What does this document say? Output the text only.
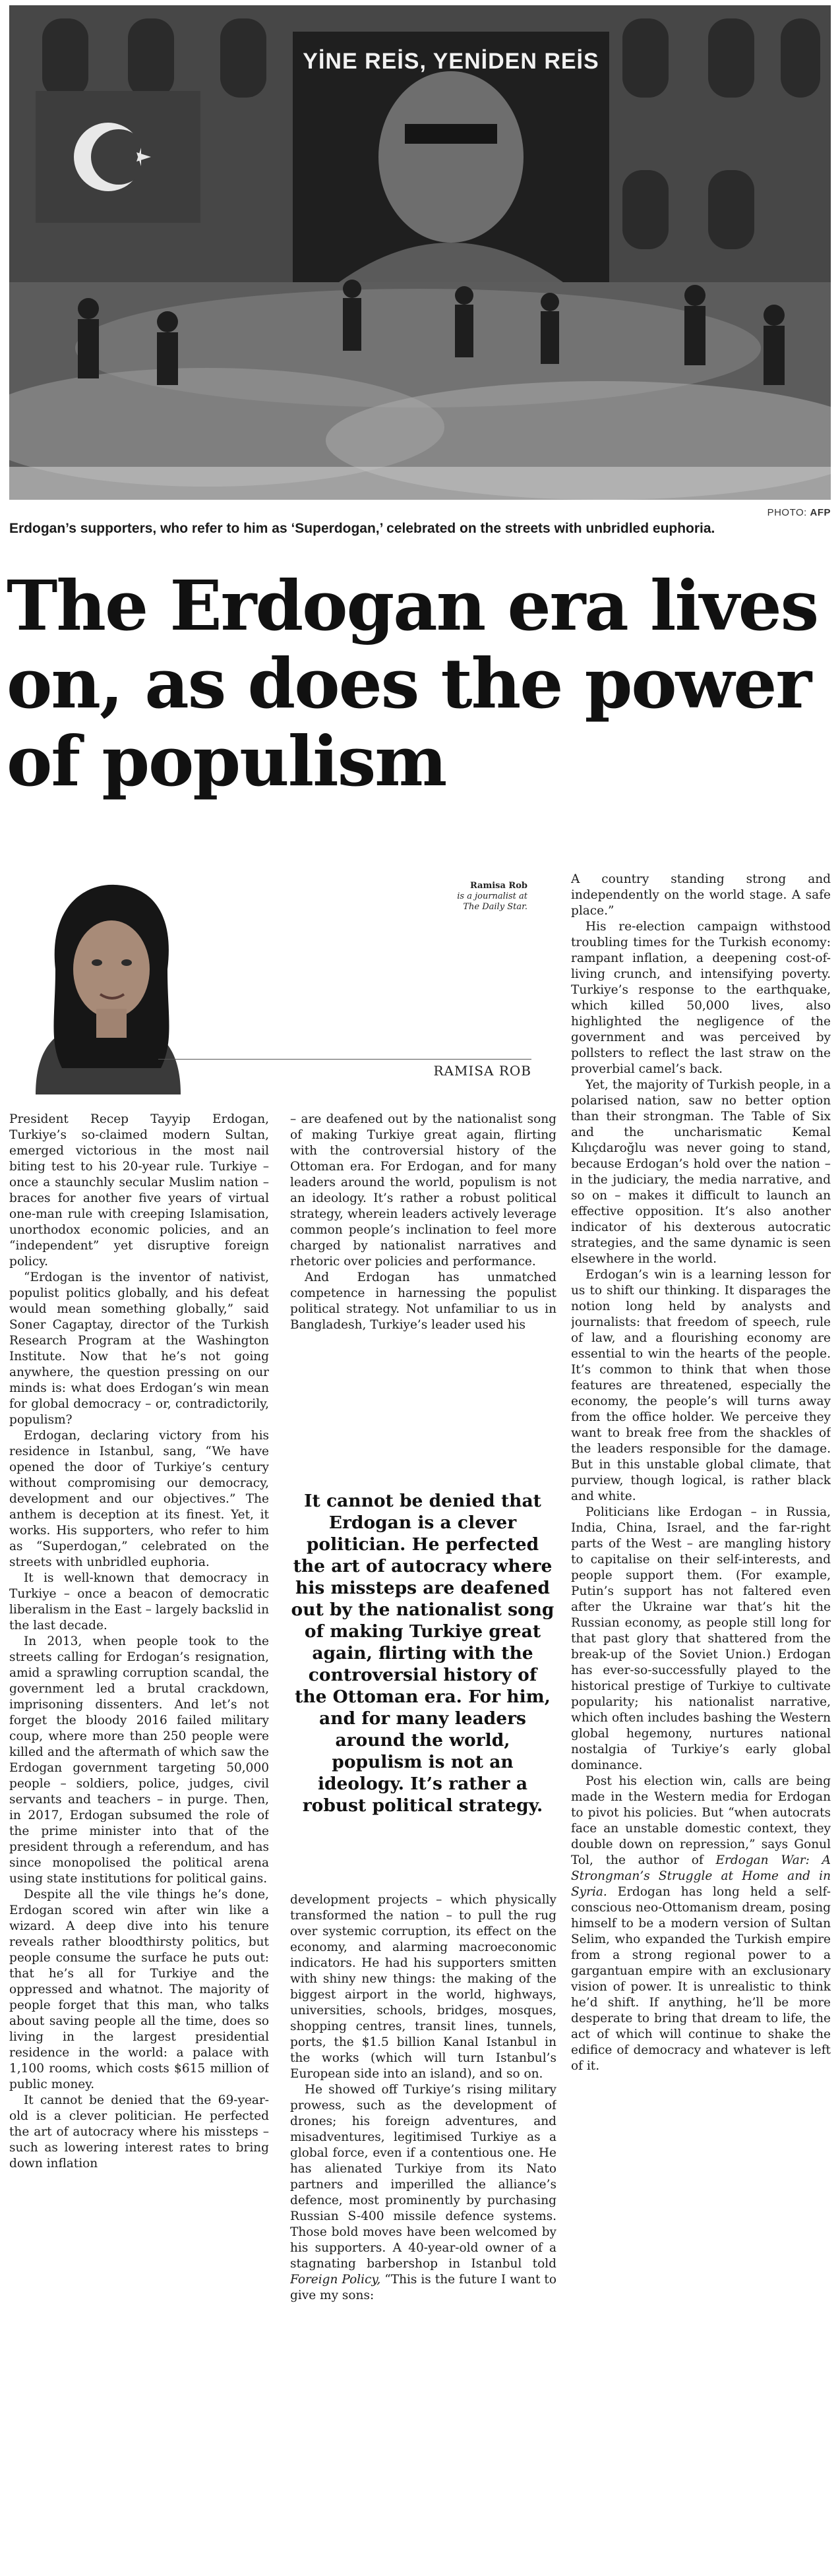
YİNE REİS, YENİDEN REİS
PHOTO: AFP
Erdogan’s supporters, who refer to him as ‘Superdogan,’ celebrated on the streets with unbridled euphoria.
The Erdogan era lives on, as does the power of populism
Ramisa Rob
is a journalist at
The Daily Star.
RAMISA ROB

President Recep Tayyip Erdogan, Turkiye’s so-claimed modern Sultan, emerged victorious in the most nail biting test to his 20-year rule. Turkiye – once a staunchly secular Muslim nation – braces for another five years of virtual one-man rule with creeping Islamisation, unorthodox economic policies, and an “independent” yet disruptive foreign policy.

“Erdogan is the inventor of nativist, populist politics globally, and his defeat would mean something globally,” said Soner Cagaptay, director of the Turkish Research Program at the Washington Institute. Now that he’s not going anywhere, the question pressing on our minds is: what does Erdogan’s win mean for global democracy – or, contradictorily, populism?

Erdogan, declaring victory from his residence in Istanbul, sang, “We have opened the door of Turkiye’s century without compromising our democracy, development and our objectives.” The anthem is deception at its finest. Yet, it works. His supporters, who refer to him as “Superdogan,” celebrated on the streets with unbridled euphoria.

It is well-known that democracy in Turkiye – once a beacon of democratic liberalism in the East – largely backslid in the last decade.

In 2013, when people took to the streets calling for Erdogan’s resignation, amid a sprawling corruption scandal, the government led a brutal crackdown, imprisoning dissenters. And let’s not forget the bloody 2016 failed military coup, where more than 250 people were killed and the aftermath of which saw the Erdogan government targeting 50,000 people – soldiers, police, judges, civil servants and teachers – in purge. Then, in 2017, Erdogan subsumed the role of the prime minister into that of the president through a referendum, and has since monopolised the political arena using state institutions for political gains.

Despite all the vile things he’s done, Erdogan scored win after win like a wizard. A deep dive into his tenure reveals rather bloodthirsty politics, but people consume the surface he puts out: that he’s all for Turkiye and the oppressed and whatnot. The majority of people forget that this man, who talks about saving people all the time, does so living in the largest presidential residence in the world: a palace with 1,100 rooms, which costs $615 million of public money.

It cannot be denied that the 69-year-old is a clever politician. He perfected the art of autocracy where his missteps – such as lowering interest rates to bring down inflation

– are deafened out by the nationalist song of making Turkiye great again, flirting with the controversial history of the Ottoman era. For Erdogan, and for many leaders around the world, populism is not an ideology. It’s rather a robust political strategy, wherein leaders actively leverage common people’s inclination to feel more charged by nationalist narratives and rhetoric over policies and performance.

And Erdogan has unmatched competence in harnessing the populist political strategy. Not unfamiliar to us in Bangladesh, Turkiye’s leader used his

It cannot be denied that Erdogan is a clever politician. He perfected the art of autocracy where his missteps are deafened out by the nationalist song of making Turkiye great again, flirting with the controversial history of the Ottoman era. For him, and for many leaders around the world, populism is not an ideology. It’s rather a robust political strategy.

development projects – which physically transformed the nation – to pull the rug over systemic corruption, its effect on the economy, and alarming macroeconomic indicators. He had his supporters smitten with shiny new things: the making of the biggest airport in the world, highways, universities, schools, bridges, mosques, shopping centres, transit lines, tunnels, ports, the $1.5 billion Kanal Istanbul in the works (which will turn Istanbul’s European side into an island), and so on.

He showed off Turkiye’s rising military prowess, such as the development of drones; his foreign adventures, and misadventures, legitimised Turkiye as a global force, even if a contentious one. He has alienated Turkiye from its Nato partners and imperilled the alliance’s defence, most prominently by purchasing Russian S-400 missile defence systems. Those bold moves have been welcomed by his supporters. A 40-year-old owner of a stagnating barbershop in Istanbul told Foreign Policy, “This is the future I want to give my sons:

A country standing strong and independently on the world stage. A safe place.”

His re-election campaign withstood troubling times for the Turkish economy: rampant inflation, a deepening cost-of-living crunch, and intensifying poverty. Turkiye’s response to the earthquake, which killed 50,000 lives, also highlighted the negligence of the government and was perceived by pollsters to reflect the last straw on the proverbial camel’s back.

Yet, the majority of Turkish people, in a polarised nation, saw no better option than their strongman. The Table of Six and the uncharismatic Kemal Kılıçdaroğlu was never going to stand, because Erdogan’s hold over the nation – in the judiciary, the media narrative, and so on – makes it difficult to launch an effective opposition. It’s also another indicator of his dexterous autocratic strategies, and the same dynamic is seen elsewhere in the world.

Erdogan’s win is a learning lesson for us to shift our thinking. It disparages the notion long held by analysts and journalists: that freedom of speech, rule of law, and a flourishing economy are essential to win the hearts of the people. It’s common to think that when those features are threatened, especially the economy, the people’s will turns away from the office holder. We perceive they want to break free from the shackles of the leaders responsible for the damage. But in this unstable global climate, that purview, though logical, is rather black and white.

Politicians like Erdogan – in Russia, India, China, Israel, and the far-right parts of the West – are mangling history to capitalise on their self-interests, and people support them. (For example, Putin’s support has not faltered even after the Ukraine war that’s hit the Russian economy, as people still long for that past glory that shattered from the break-up of the Soviet Union.) Erdogan has ever-so-successfully played to the historical prestige of Turkiye to cultivate popularity; his nationalist narrative, which often includes bashing the Western global hegemony, nurtures national nostalgia of Turkiye’s early global dominance.

Post his election win, calls are being made in the Western media for Erdogan to pivot his policies. But “when autocrats face an unstable domestic context, they double down on repression,” says Gonul Tol, the author of Erdogan War: A Strongman’s Struggle at Home and in Syria. Erdogan has long held a self-conscious neo-Ottomanism dream, posing himself to be a modern version of Sultan Selim, who expanded the Turkish empire from a strong regional power to a gargantuan empire with an exclusionary vision of power. It is unrealistic to think he’d shift. If anything, he’ll be more desperate to bring that dream to life, the act of which will continue to shake the edifice of democracy and whatever is left of it.
